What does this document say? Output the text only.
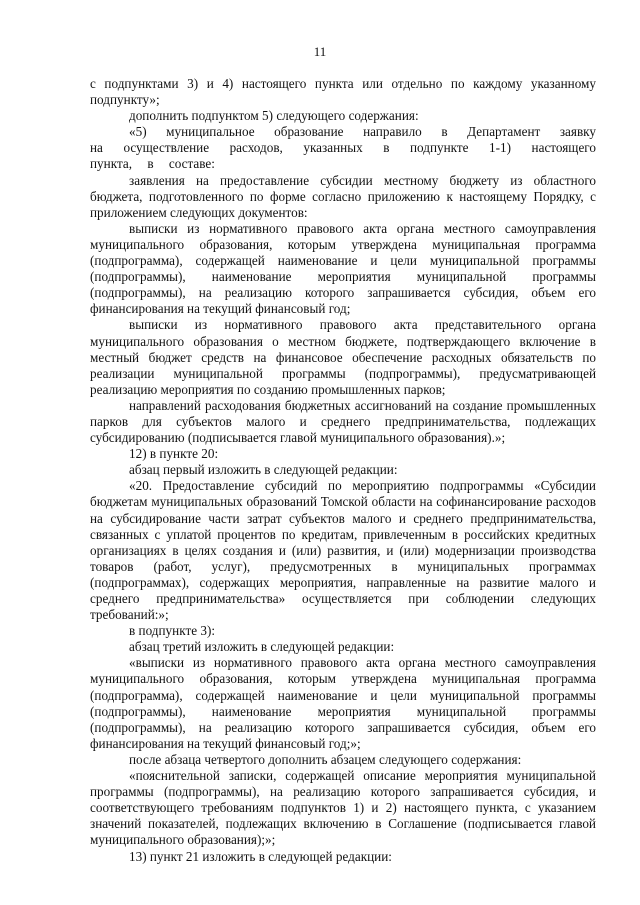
11

с подпунктами 3) и 4) настоящего пункта или отдельно по каждому указанному подпункту»;

дополнить подпунктом 5) следующего содержания:

«5) муниципальное образование направило в Департамент заявку на осуществление расходов, указанных в подпункте 1-1) настоящего пункта, в составе:

заявления на предоставление субсидии местному бюджету из областного бюджета, подготовленного по форме согласно приложению к настоящему Порядку, с приложением следующих документов:

выписки из нормативного правового акта органа местного самоуправления муниципального образования, которым утверждена муниципальная программа (подпрограмма), содержащей наименование и цели муниципальной программы (подпрограммы), наименование мероприятия муниципальной программы (подпрограммы), на реализацию которого запрашивается субсидия, объем его финансирования на текущий финансовый год;

выписки из нормативного правового акта представительного органа муниципального образования о местном бюджете, подтверждающего включение в местный бюджет средств на финансовое обеспечение расходных обязательств по реализации муниципальной программы (подпрограммы), предусматривающей реализацию мероприятия по созданию промышленных парков;

направлений расходования бюджетных ассигнований на создание промышленных парков для субъектов малого и среднего предпринимательства, подлежащих субсидированию (подписывается главой муниципального образования).»;

12) в пункте 20:

абзац первый изложить в следующей редакции:

«20. Предоставление субсидий по мероприятию подпрограммы «Субсидии бюджетам муниципальных образований Томской области на софинансирование расходов на субсидирование части затрат субъектов малого и среднего предпринимательства, связанных с уплатой процентов по кредитам, привлеченным в российских кредитных организациях в целях создания и (или) развития, и (или) модернизации производства товаров (работ, услуг), предусмотренных в муниципальных программах (подпрограммах), содержащих мероприятия, направленные на развитие малого и среднего предпринимательства» осуществляется при соблюдении следующих требований:»;

в подпункте 3):

абзац третий изложить в следующей редакции:

«выписки из нормативного правового акта органа местного самоуправления муниципального образования, которым утверждена муниципальная программа (подпрограмма), содержащей наименование и цели муниципальной программы (подпрограммы), наименование мероприятия муниципальной программы (подпрограммы), на реализацию которого запрашивается субсидия, объем его финансирования на текущий финансовый год;»;

после абзаца четвертого дополнить абзацем следующего содержания:

«пояснительной записки, содержащей описание мероприятия муниципальной программы (подпрограммы), на реализацию которого запрашивается субсидия, и соответствующего требованиям подпунктов 1) и 2) настоящего пункта, с указанием значений показателей, подлежащих включению в Соглашение (подписывается главой муниципального образования);»;

13) пункт 21 изложить в следующей редакции:
